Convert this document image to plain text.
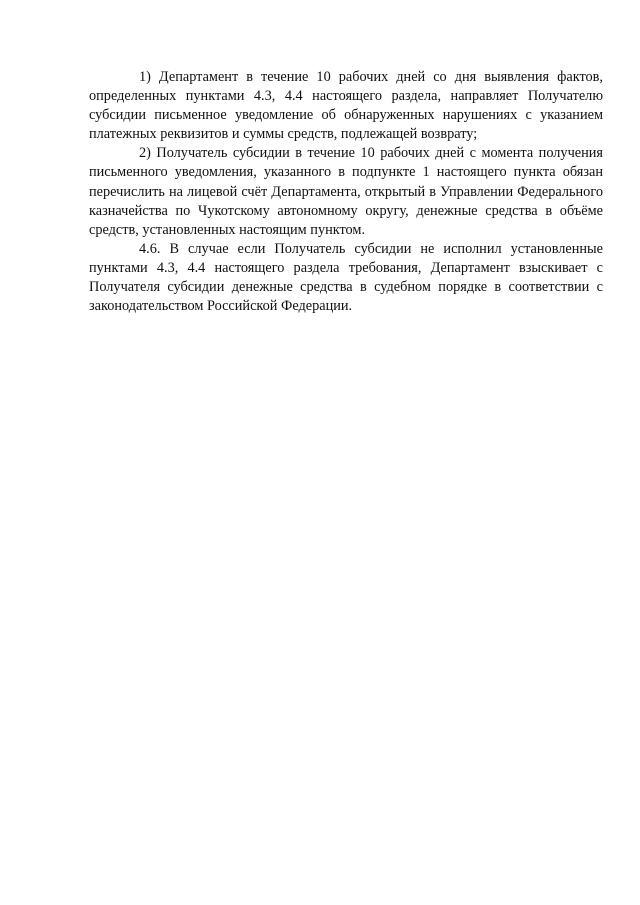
1) Департамент в течение 10 рабочих дней со дня выявления фактов, определенных пунктами 4.3, 4.4 настоящего раздела, направляет Получателю субсидии письменное уведомление об обнаруженных нарушениях с указанием платежных реквизитов и суммы средств, подлежащей возврату;

2) Получатель субсидии в течение 10 рабочих дней с момента получения письменного уведомления, указанного в подпункте 1 настоящего пункта обязан перечислить на лицевой счёт Департамента, открытый в Управлении Федерального казначейства по Чукотскому автономному округу, денежные средства в объёме средств, установленных настоящим пунктом.

4.6. В случае если Получатель субсидии не исполнил установленные пунктами 4.3, 4.4 настоящего раздела требования, Департамент взыскивает с Получателя субсидии денежные средства в судебном порядке в соответствии с законодательством Российской Федерации.
